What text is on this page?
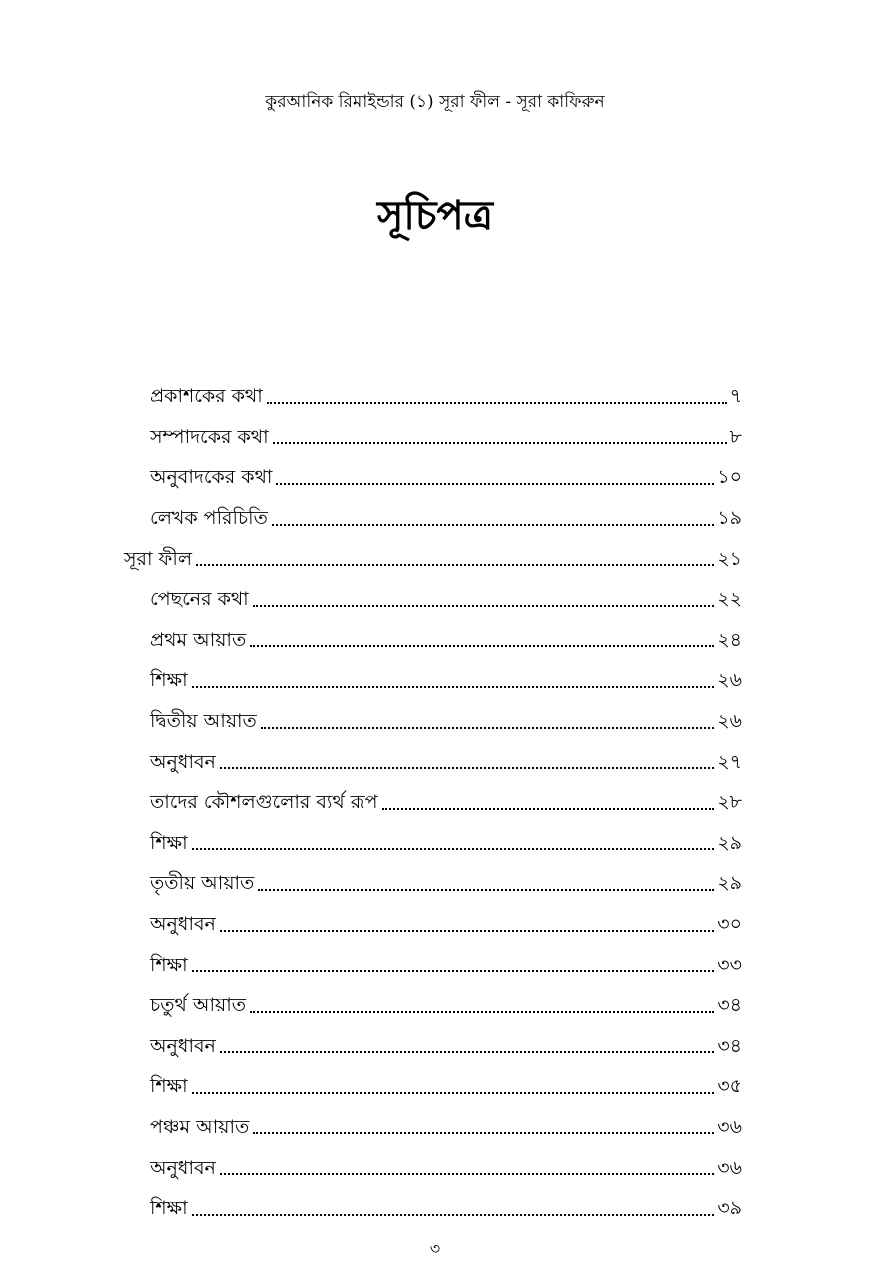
কুরআনিক রিমাইন্ডার (১) সূরা ফীল - সূরা কাফিরুন
সূচিপত্র
প্রকাশকের কথা	৭
সম্পাদকের কথা	৮
অনুবাদকের কথা	১০
লেখক পরিচিতি	১৯
সূরা ফীল	২১
পেছনের কথা	২২
প্রথম আয়াত	২৪
শিক্ষা	২৬
দ্বিতীয় আয়াত	২৬
অনুধাবন	২৭
তাদের কৌশলগুলোর ব্যর্থ রূপ	২৮
শিক্ষা	২৯
তৃতীয় আয়াত	২৯
অনুধাবন	৩০
শিক্ষা	৩৩
চতুর্থ আয়াত	৩৪
অনুধাবন	৩৪
শিক্ষা	৩৫
পঞ্চম আয়াত	৩৬
অনুধাবন	৩৬
শিক্ষা	৩৯
৩
